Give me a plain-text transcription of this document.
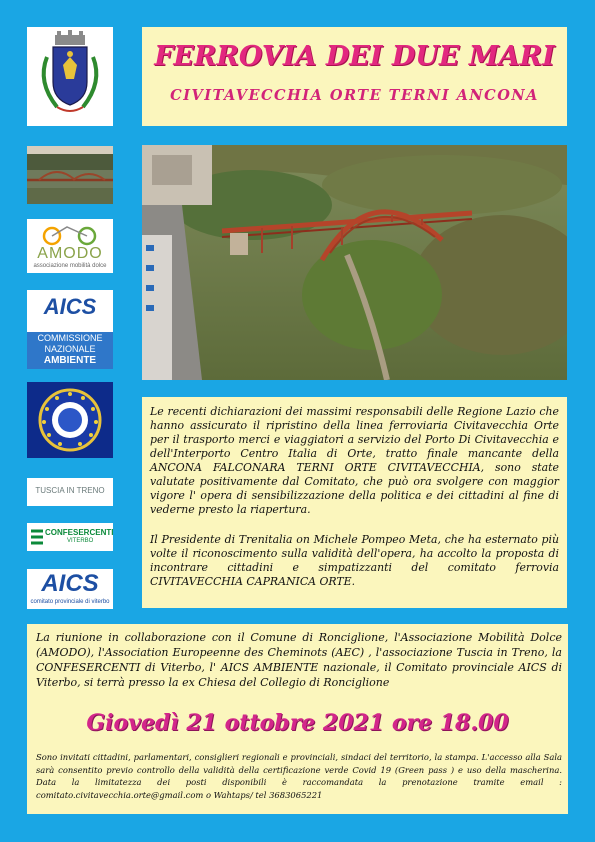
AMODO
associazione mobilità dolce
AICS
COMMISSIONE
NAZIONALE
AMBIENTE
TUSCIA IN TRENO
CONFESERCENTI
VITERBO
AICS
comitato provinciale di viterbo
FERROVIA DEI DUE MARI
CIVITAVECCHIA ORTE TERNI ANCONA

Le recenti dichiarazioni dei massimi responsabili delle Regione Lazio che hanno assicurato il ripristino della linea ferroviaria Civitavecchia Orte per il trasporto merci e viaggiatori a servizio del Porto Di Civitavecchia e dell'Interporto Centro Italia di Orte, tratto finale mancante della ANCONA FALCONARA TERNI ORTE CIVITAVECCHIA, sono state valutate positivamente dal Comitato, che può ora svolgere con maggior vigore l' opera di sensibilizzazione della politica e dei cittadini al fine di vederne presto la riapertura.

Il Presidente di Trenitalia on Michele Pompeo Meta, che ha esternato più volte il riconoscimento sulla validità dell'opera, ha accolto la proposta di incontrare cittadini e simpatizzanti del comitato ferrovia CIVITAVECCHIA CAPRANICA ORTE.

La riunione in collaborazione con il Comune di Ronciglione, l'Associazione Mobilità Dolce (AMODO), l'Association Europeenne des Cheminots (AEC) , l'associazione Tuscia in Treno, la CONFESERCENTI di Viterbo, l' AICS AMBIENTE nazionale, il Comitato provinciale AICS di Viterbo, si terrà presso la ex Chiesa del Collegio di Ronciglione

Giovedì 21 ottobre 2021 ore 18.00

Sono invitati cittadini, parlamentari, consiglieri regionali e provinciali, sindaci del territorio, la stampa. L'accesso alla Sala sarà consentito previo controllo della validità della certificazione verde Covid 19 (Green pass ) e uso della mascherina. Data la limitatezza dei posti disponibili è raccomandata la prenotazione tramite email : comitato.civitavecchia.orte@gmail.com o Wahtaps/ tel 3683065221
